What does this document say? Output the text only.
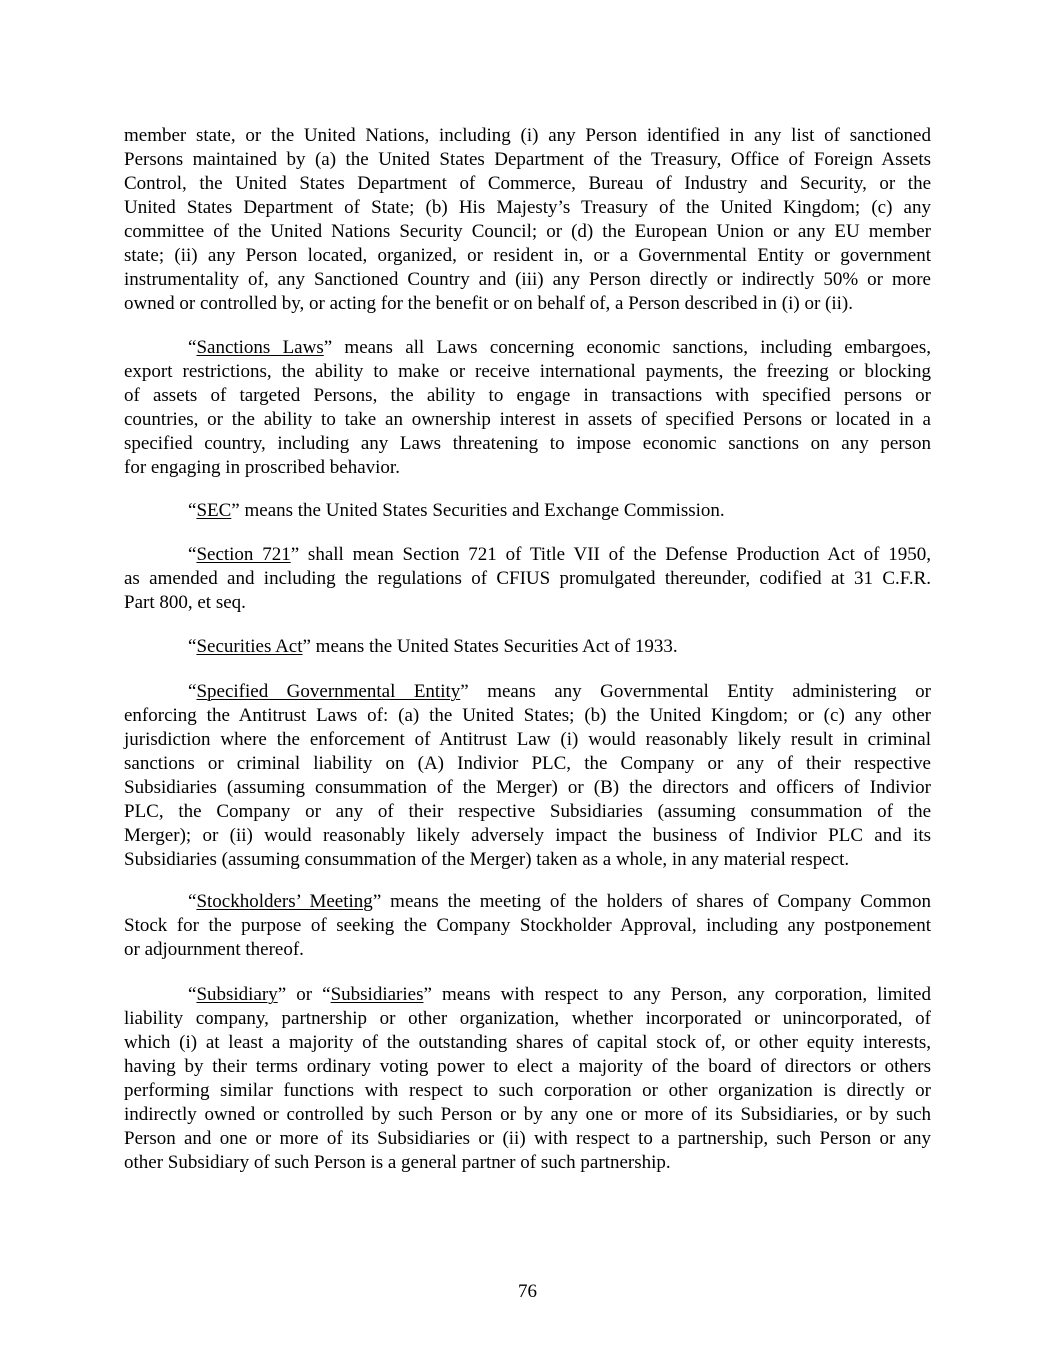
member state, or the United Nations, including (i) any Person identified in any list of sanctioned
Persons maintained by (a) the United States Department of the Treasury, Office of Foreign Assets
Control, the United States Department of Commerce, Bureau of Industry and Security, or the
United States Department of State; (b) His Majesty’s Treasury of the United Kingdom; (c) any
committee of the United Nations Security Council; or (d) the European Union or any EU member
state; (ii) any Person located, organized, or resident in, or a Governmental Entity or government
instrumentality of, any Sanctioned Country and (iii) any Person directly or indirectly 50% or more
owned or controlled by, or acting for the benefit or on behalf of, a Person described in (i) or (ii).
“Sanctions Laws” means all Laws concerning economic sanctions, including embargoes,
export restrictions, the ability to make or receive international payments, the freezing or blocking
of assets of targeted Persons, the ability to engage in transactions with specified persons or
countries, or the ability to take an ownership interest in assets of specified Persons or located in a
specified country, including any Laws threatening to impose economic sanctions on any person
for engaging in proscribed behavior.
“SEC” means the United States Securities and Exchange Commission.
“Section 721” shall mean Section 721 of Title VII of the Defense Production Act of 1950,
as amended and including the regulations of CFIUS promulgated thereunder, codified at 31 C.F.R.
Part 800, et seq.
“Securities Act” means the United States Securities Act of 1933.
“Specified Governmental Entity” means any Governmental Entity administering or
enforcing the Antitrust Laws of: (a) the United States; (b) the United Kingdom; or (c) any other
jurisdiction where the enforcement of Antitrust Law (i) would reasonably likely result in criminal
sanctions or criminal liability on (A) Indivior PLC, the Company or any of their respective
Subsidiaries (assuming consummation of the Merger) or (B) the directors and officers of Indivior
PLC, the Company or any of their respective Subsidiaries (assuming consummation of the
Merger); or (ii) would reasonably likely adversely impact the business of Indivior PLC and its
Subsidiaries (assuming consummation of the Merger) taken as a whole, in any material respect.
“Stockholders’ Meeting” means the meeting of the holders of shares of Company Common
Stock for the purpose of seeking the Company Stockholder Approval, including any postponement
or adjournment thereof.
“Subsidiary” or “Subsidiaries” means with respect to any Person, any corporation, limited
liability company, partnership or other organization, whether incorporated or unincorporated, of
which (i) at least a majority of the outstanding shares of capital stock of, or other equity interests,
having by their terms ordinary voting power to elect a majority of the board of directors or others
performing similar functions with respect to such corporation or other organization is directly or
indirectly owned or controlled by such Person or by any one or more of its Subsidiaries, or by such
Person and one or more of its Subsidiaries or (ii) with respect to a partnership, such Person or any
other Subsidiary of such Person is a general partner of such partnership.
76
